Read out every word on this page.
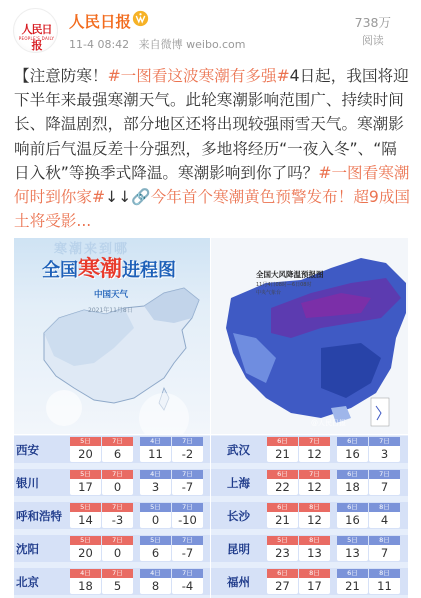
人民日报
PEOPLE'S DAILY
人民日报
11-4 08:42 来自微博 weibo.com
738万
阅读
【注意防寒！#一图看这波寒潮有多强#4日起，我国将迎下半年来最强寒潮天气。此轮寒潮影响范围广、持续时间长、降温剧烈，部分地区还将出现较强雨雪天气。寒潮影响前后气温反差十分强烈，多地将经历“一夜入冬”、“隔日入秋”等换季式降温。寒潮影响到你了吗？#一图看寒潮何时到你家#↓↓🔗今年首个寒潮黄色预警发布！超9成国土将受影...
寒潮来到哪
全国寒潮进程图
中国天气
2021年11月8日
全国大风降温预报图
11月4日08时—6日08时
中央气象台
@人民日报
西安
5日
20
7日
6
4日
11
7日
-2
银川
5日
17
7日
0
4日
3
7日
-7
呼和浩特
5日
14
7日
-3
5日
0
7日
-10
沈阳
5日
20
7日
0
5日
6
7日
-7
北京
4日
18
7日
5
4日
8
7日
-4
武汉
6日
21
7日
12
6日
16
7日
3
上海
6日
22
7日
12
6日
18
7日
7
长沙
6日
21
8日
12
6日
16
8日
4
昆明
5日
23
8日
13
5日
13
8日
7
福州
6日
27
8日
17
6日
21
8日
11
